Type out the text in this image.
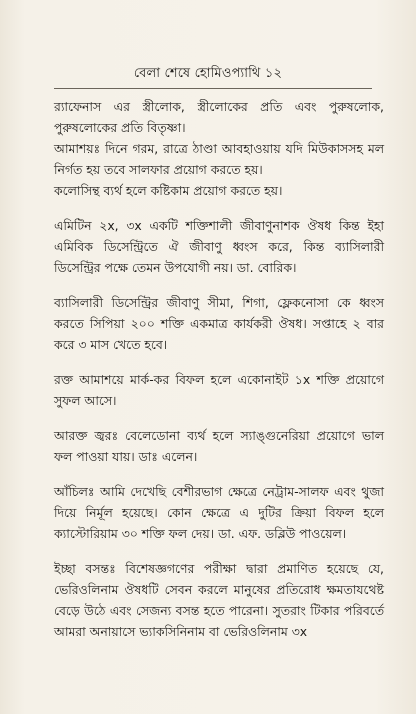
বেলা শেষে হোমিওপ্যাথি ১২

র‍্যাফেনাস এর স্ত্রীলোক, স্ত্রীলোকের প্রতি এবং পুরুষলোক, পুরুষলোকের প্রতি বিতৃষ্ণা।
আমাশয়ঃ দিনে গরম, রাত্রে ঠাণ্ডা আবহাওয়ায় যদি মিউকাসসহ মল নির্গত হয় তবে সালফার প্রয়োগ করতে হয়।
কলোসিন্থ ব্যর্থ হলে কষ্টিকাম প্রয়োগ করতে হয়।

এমিটিন ২x, ৩x একটি শক্তিশালী জীবাণুনাশক ঔষধ কিন্ত ইহা এমিবিক ডিসেন্ট্রিতে ঐ জীবাণু ধ্বংস করে, কিন্ত ব্যাসিলারী ডিসেন্ট্রির পক্ষে তেমন উপযোগী নয়। ডা. বোরিক।

ব্যাসিলারী ডিসেন্ট্রির জীবাণু সীমা, শিগা, ফ্লেকনোসা কে ধ্বংস করতে সিপিয়া ২০০ শক্তি একমাত্র কার্যকরী ঔষধ। সপ্তাহে ২ বার করে ৩ মাস খেতে হবে।

রক্ত আমাশয়ে মার্ক-কর বিফল হলে একোনাইট ১x শক্তি প্রয়োগে সুফল আসে।

আরক্ত জ্বরঃ বেলেডোনা ব্যর্থ হলে স্যাঙ্গুনেরিয়া প্রয়োগে ভাল ফল পাওয়া যায়। ডাঃ এলেন।

আঁচিলঃ আমি দেখেছি বেশীরভাগ ক্ষেত্রে নেট্রাম-সালফ এবং থুজা দিয়ে নির্মূল হয়েছে। কোন ক্ষেত্রে এ দুটির ক্রিয়া বিফল হলে ক্যাস্টোরিয়াম ৩০ শক্তি ফল দেয়। ডা. এফ. ডব্লিউ পাওয়েল।

ইচ্ছা বসন্তঃ বিশেষজ্ঞগণের পরীক্ষা দ্বারা প্রমাণিত হয়েছে যে, ভেরিওলিনাম ঔষধটি সেবন করলে মানুষের প্রতিরোধ ক্ষমতাযথেষ্ট বেড়ে উঠে এবং সেজন্য বসন্ত হতে পারেনা। সুতরাং টিকার পরিবর্তে আমরা অনায়াসে ভ্যাকসিনিনাম বা ভেরিওলিনাম ৩x
